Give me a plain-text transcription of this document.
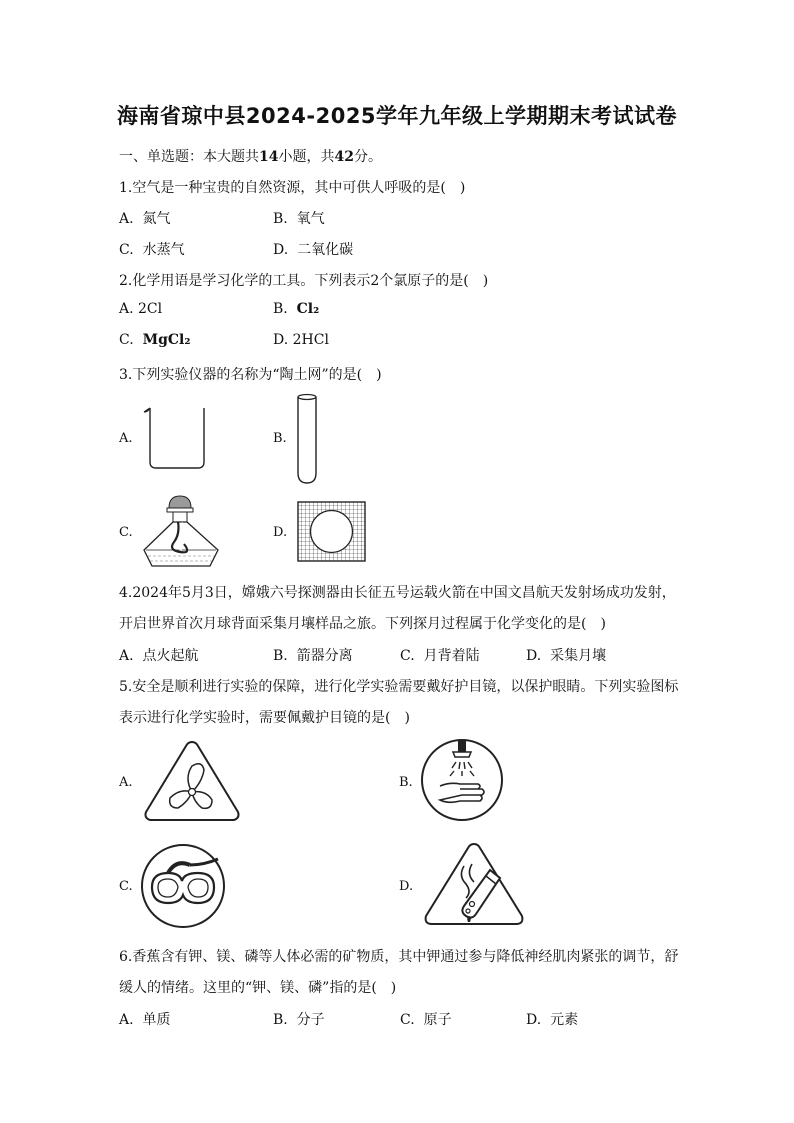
海南省琼中县2024-2025学年九年级上学期期末考试试卷
一、单选题：本大题共14小题，共42分。
1.空气是一种宝贵的自然资源，其中可供人呼吸的是(　)
A. 氮气	B. 氧气
C. 水蒸气	D. 二氧化碳
2.化学用语是学习化学的工具。下列表示2个氯原子的是(　)
A. 2Cl	B. Cl₂
C. MgCl₂	D. 2HCl
3.下列实验仪器的名称为“陶土网”的是(　)
A.	B.
C.	D.
4.2024年5月3日，嫦娥六号探测器由长征五号运载火箭在中国文昌航天发射场成功发射，
开启世界首次月球背面采集月壤样品之旅。下列探月过程属于化学变化的是(　)
A. 点火起航	B. 箭器分离	C. 月背着陆	D. 采集月壤
5.安全是顺利进行实验的保障，进行化学实验需要戴好护目镜，以保护眼睛。下列实验图标
表示进行化学实验时，需要佩戴护目镜的是(　)
A.	B.
C.	D.
6.香蕉含有钾、镁、磷等人体必需的矿物质，其中钾通过参与降低神经肌肉紧张的调节，舒
缓人的情绪。这里的“钾、镁、磷”指的是(　)
A. 单质	B. 分子	C. 原子	D. 元素
